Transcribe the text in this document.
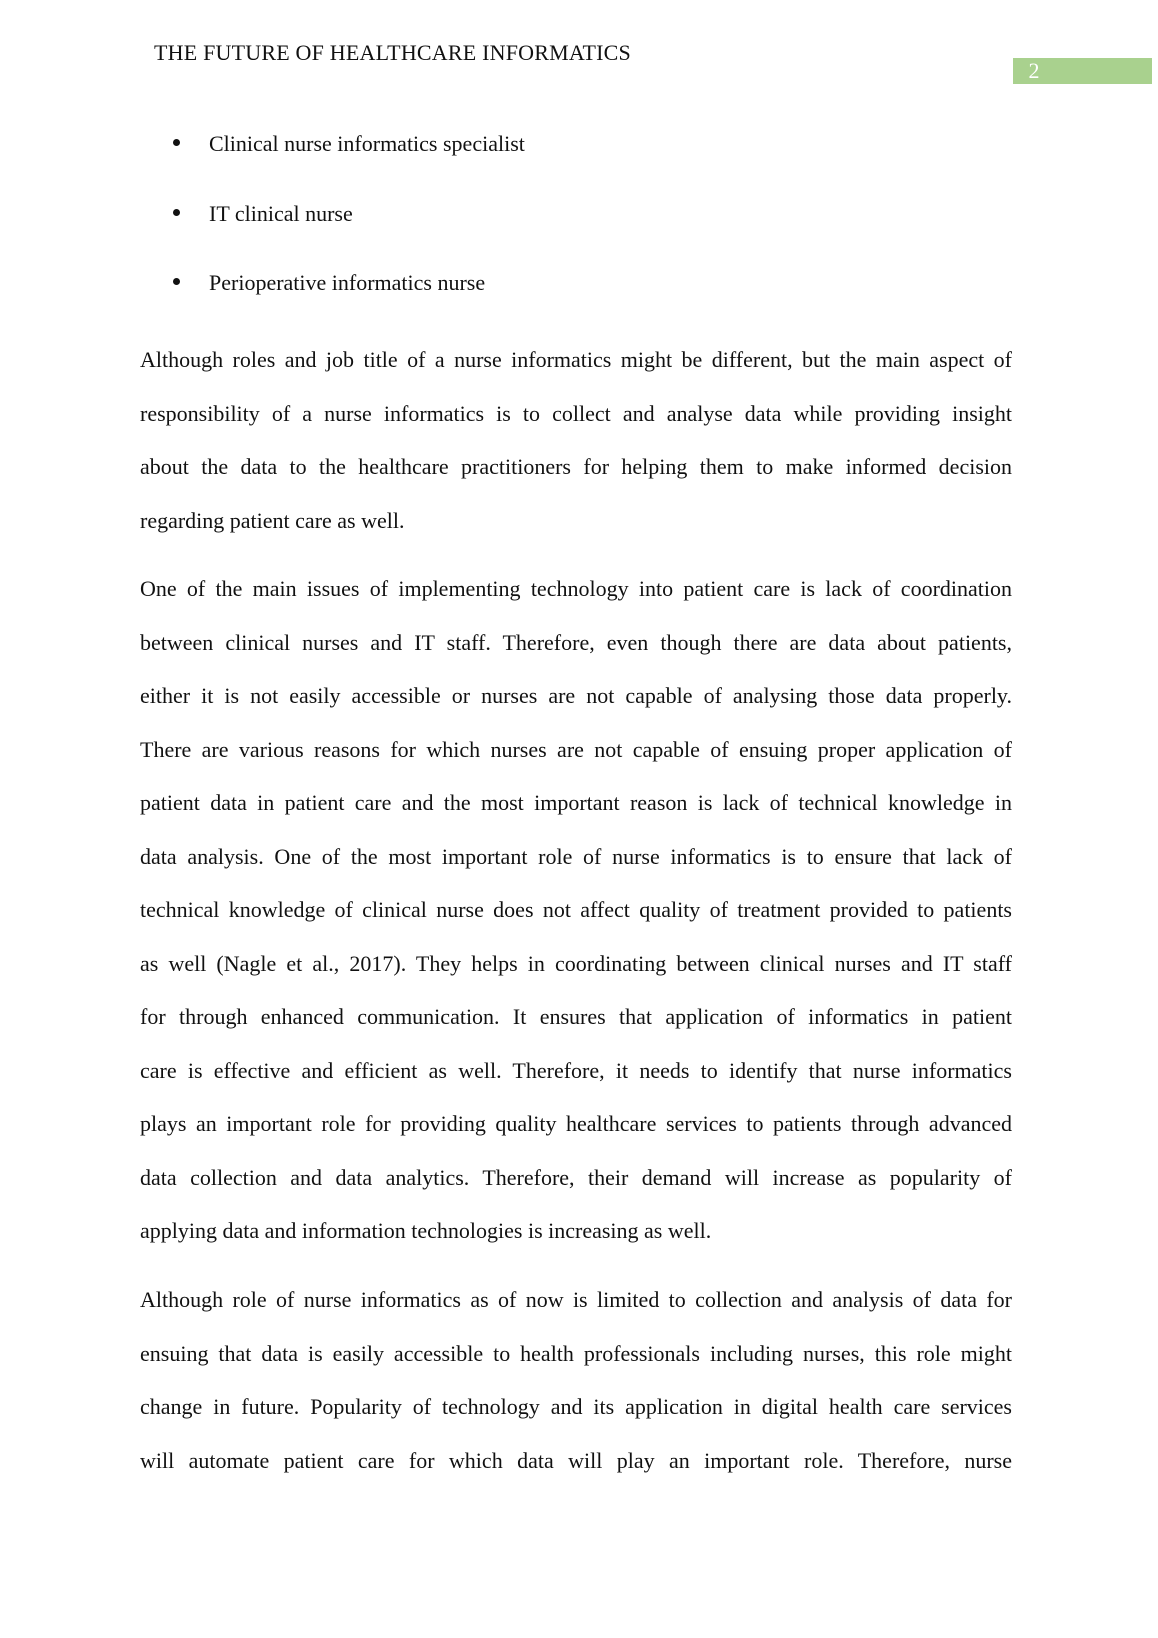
THE FUTURE OF HEALTHCARE INFORMATICS
2
Clinical nurse informatics specialist
IT clinical nurse
Perioperative informatics nurse
Although roles and job title of a nurse informatics might be different, but the main aspect of
responsibility of a nurse informatics is to collect and analyse data while providing insight
about the data to the healthcare practitioners for helping them to make informed decision
regarding patient care as well.
One of the main issues of implementing technology into patient care is lack of coordination
between clinical nurses and IT staff. Therefore, even though there are data about patients,
either it is not easily accessible or nurses are not capable of analysing those data properly.
There are various reasons for which nurses are not capable of ensuing proper application of
patient data in patient care and the most important reason is lack of technical knowledge in
data analysis. One of the most important role of nurse informatics is to ensure that lack of
technical knowledge of clinical nurse does not affect quality of treatment provided to patients
as well (Nagle et al., 2017). They helps in coordinating between clinical nurses and IT staff
for through enhanced communication. It ensures that application of informatics in patient
care is effective and efficient as well. Therefore, it needs to identify that nurse informatics
plays an important role for providing quality healthcare services to patients through advanced
data collection and data analytics. Therefore, their demand will increase as popularity of
applying data and information technologies is increasing as well.
Although role of nurse informatics as of now is limited to collection and analysis of data for
ensuing that data is easily accessible to health professionals including nurses, this role might
change in future. Popularity of technology and its application in digital health care services
will automate patient care for which data will play an important role. Therefore, nurse
